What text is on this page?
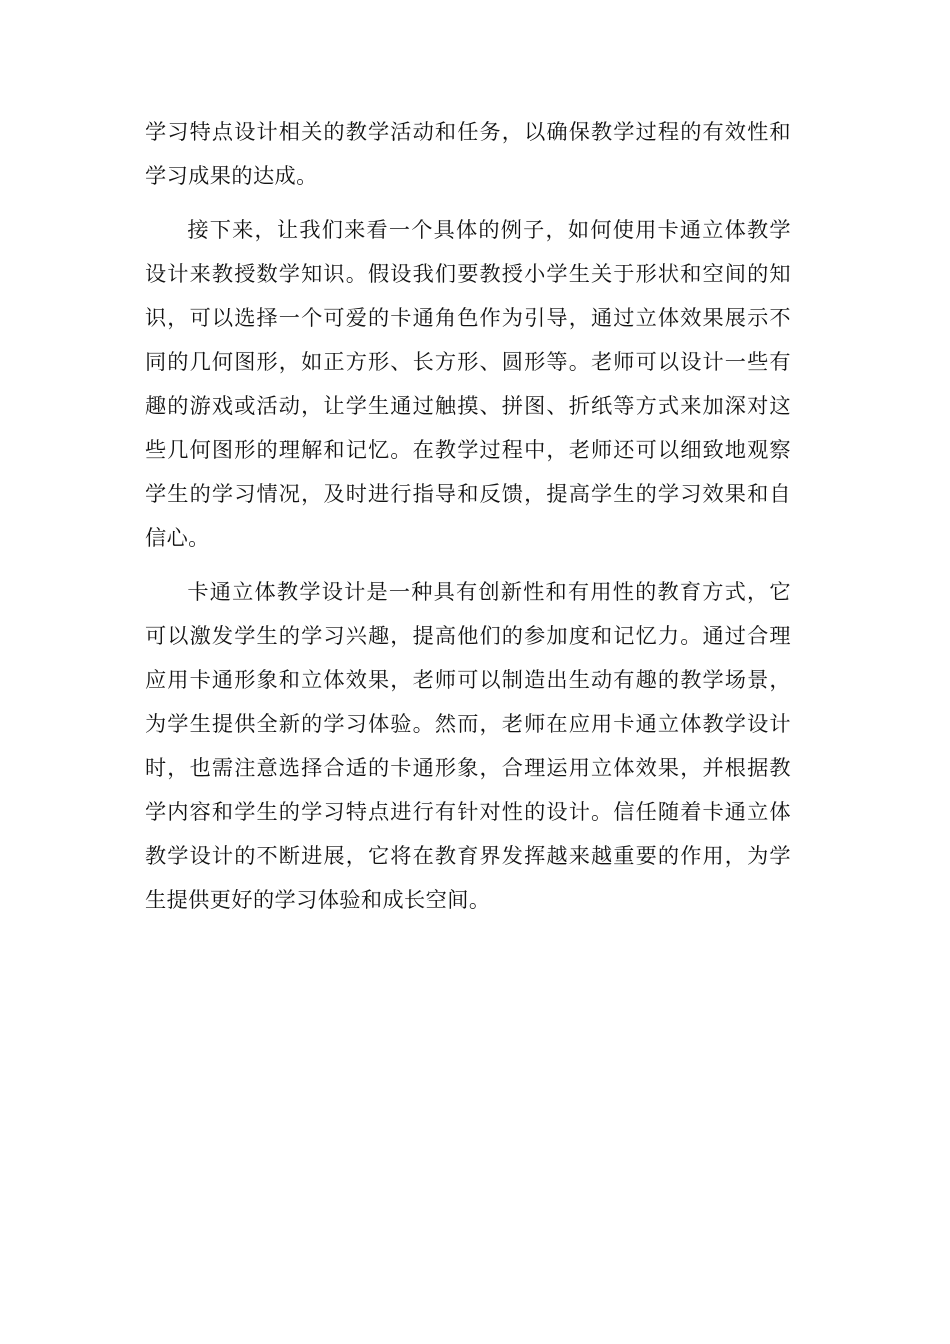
学习特点设计相关的教学活动和任务，以确保教学过程的有效性和学习成果的达成。

接下来，让我们来看一个具体的例子，如何使用卡通立体教学设计来教授数学知识。假设我们要教授小学生关于形状和空间的知识，可以选择一个可爱的卡通角色作为引导，通过立体效果展示不同的几何图形，如正方形、长方形、圆形等。老师可以设计一些有趣的游戏或活动，让学生通过触摸、拼图、折纸等方式来加深对这些几何图形的理解和记忆。在教学过程中，老师还可以细致地观察学生的学习情况，及时进行指导和反馈，提高学生的学习效果和自信心。

卡通立体教学设计是一种具有创新性和有用性的教育方式，它可以激发学生的学习兴趣，提高他们的参加度和记忆力。通过合理应用卡通形象和立体效果，老师可以制造出生动有趣的教学场景，为学生提供全新的学习体验。然而，老师在应用卡通立体教学设计时，也需注意选择合适的卡通形象，合理运用立体效果，并根据教学内容和学生的学习特点进行有针对性的设计。信任随着卡通立体教学设计的不断进展，它将在教育界发挥越来越重要的作用，为学生提供更好的学习体验和成长空间。
